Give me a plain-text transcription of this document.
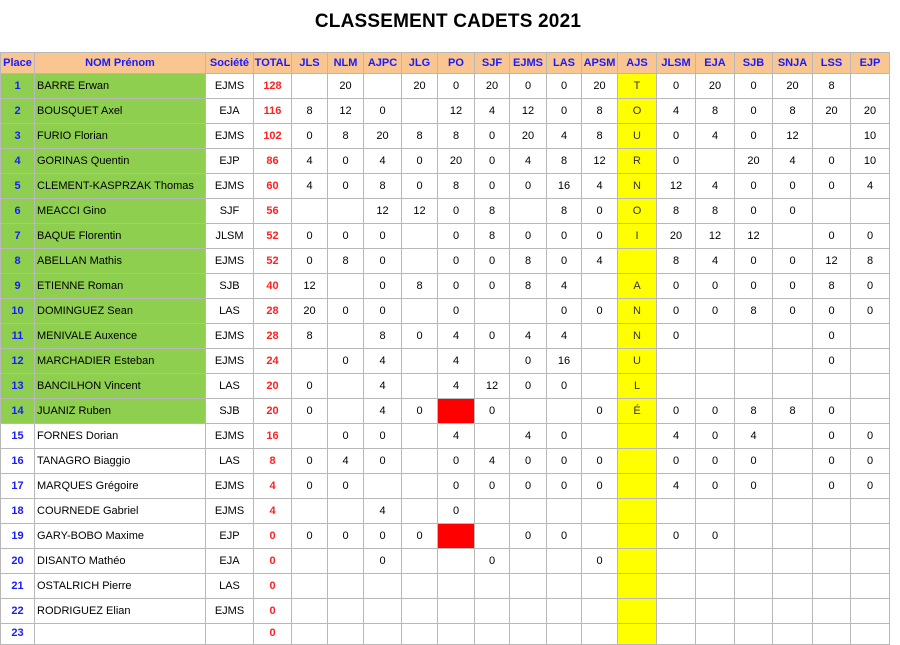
CLASSEMENT CADETS 2021
Place	NOM Prénom	Société	TOTAL	JLS	NLM	AJPC	JLG	PO	SJF	EJMS	LAS	APSM	AJS	JLSM	EJA	SJB	SNJA	LSS	EJP
1	BARRE Erwan	EJMS	128		20		20	0	20	0	0	20	T	0	20	0	20	8	
2	BOUSQUET Axel	EJA	116	8	12	0		12	4	12	0	8	O	4	8	0	8	20	20
3	FURIO Florian	EJMS	102	0	8	20	8	8	0	20	4	8	U	0	4	0	12		10
4	GORINAS Quentin	EJP	86	4	0	4	0	20	0	4	8	12	R	0		20	4	0	10
5	CLEMENT-KASPRZAK Thomas	EJMS	60	4	0	8	0	8	0	0	16	4	N	12	4	0	0	0	4
6	MEACCI Gino	SJF	56			12	12	0	8		8	0	O	8	8	0	0		
7	BAQUE Florentin	JLSM	52	0	0	0		0	8	0	0	0	I	20	12	12		0	0
8	ABELLAN Mathis	EJMS	52	0	8	0		0	0	8	0	4		8	4	0	0	12	8
9	ETIENNE Roman	SJB	40	12		0	8	0	0	8	4		A	0	0	0	0	8	0
10	DOMINGUEZ Sean	LAS	28	20	0	0		0			0	0	N	0	0	8	0	0	0
11	MENIVALE Auxence	EJMS	28	8		8	0	4	0	4	4		N	0				0	
12	MARCHADIER Esteban	EJMS	24		0	4		4		0	16		U					0	
13	BANCILHON Vincent	LAS	20	0		4		4	12	0	0		L						
14	JUANIZ Ruben	SJB	20	0		4	0		0			0	É	0	0	8	8	0	
15	FORNES Dorian	EJMS	16		0	0		4		4	0			4	0	4		0	0
16	TANAGRO Biaggio	LAS	8	0	4	0		0	4	0	0	0		0	0	0		0	0
17	MARQUES Grégoire	EJMS	4	0	0			0	0	0	0	0		4	0	0		0	0
18	COURNEDE Gabriel	EJMS	4			4		0											
19	GARY-BOBO Maxime	EJP	0	0	0	0	0			0	0			0	0				
20	DISANTO Mathéo	EJA	0			0			0			0							
21	OSTALRICH Pierre	LAS	0																
22	RODRIGUEZ Elian	EJMS	0																
23			0																
